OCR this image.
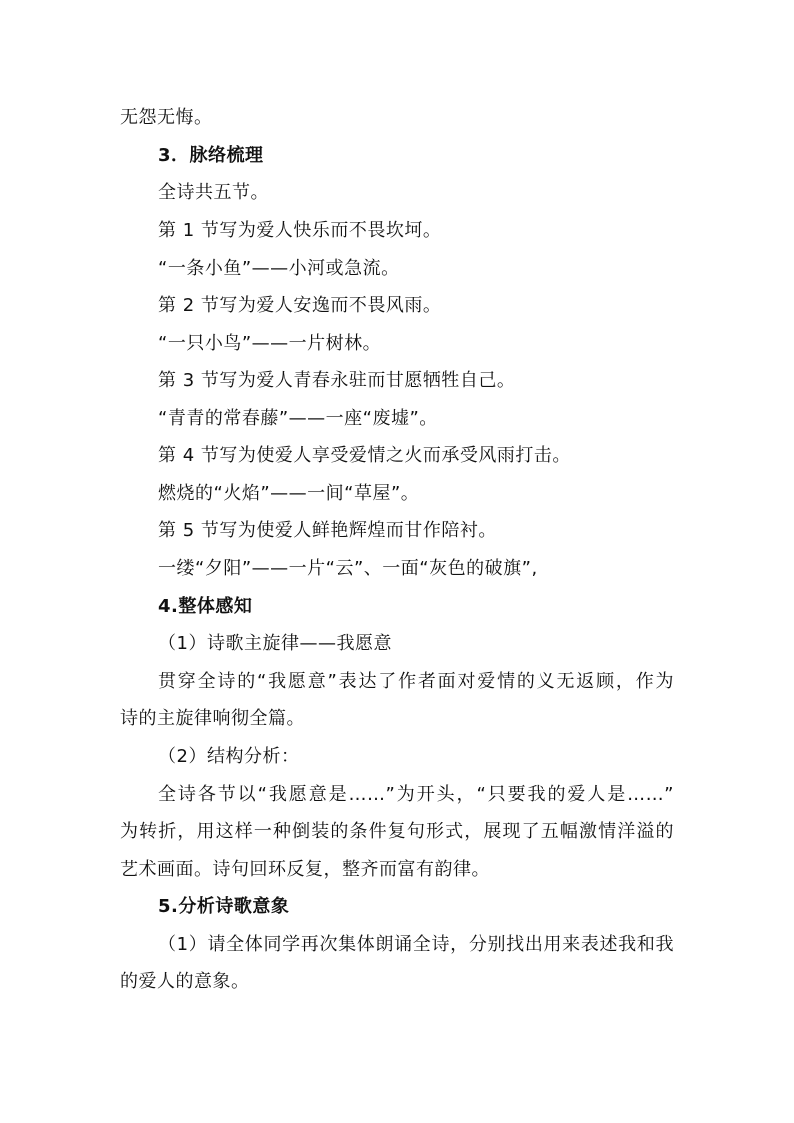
无怨无悔。
3．脉络梳理
全诗共五节。
第 1 节写为爱人快乐而不畏坎坷。
“一条小鱼”——小河或急流。
第 2 节写为爱人安逸而不畏风雨。
“一只小鸟”——一片树林。
第 3 节写为爱人青春永驻而甘愿牺牲自己。
“青青的常春藤”——一座“废墟”。
第 4 节写为使爱人享受爱情之火而承受风雨打击。
燃烧的“火焰”——一间“草屋”。
第 5 节写为使爱人鲜艳辉煌而甘作陪衬。
一缕“夕阳”——一片“云”、一面“灰色的破旗”,
4.整体感知
（1）诗歌主旋律——我愿意
贯穿全诗的“我愿意”表达了作者面对爱情的义无返顾，作为
诗的主旋律响彻全篇。
（2）结构分析：
全诗各节以“我愿意是……”为开头，“只要我的爱人是……”
为转折，用这样一种倒装的条件复句形式，展现了五幅激情洋溢的
艺术画面。诗句回环反复，整齐而富有韵律。
5.分析诗歌意象
（1）请全体同学再次集体朗诵全诗，分别找出用来表述我和我
的爱人的意象。
